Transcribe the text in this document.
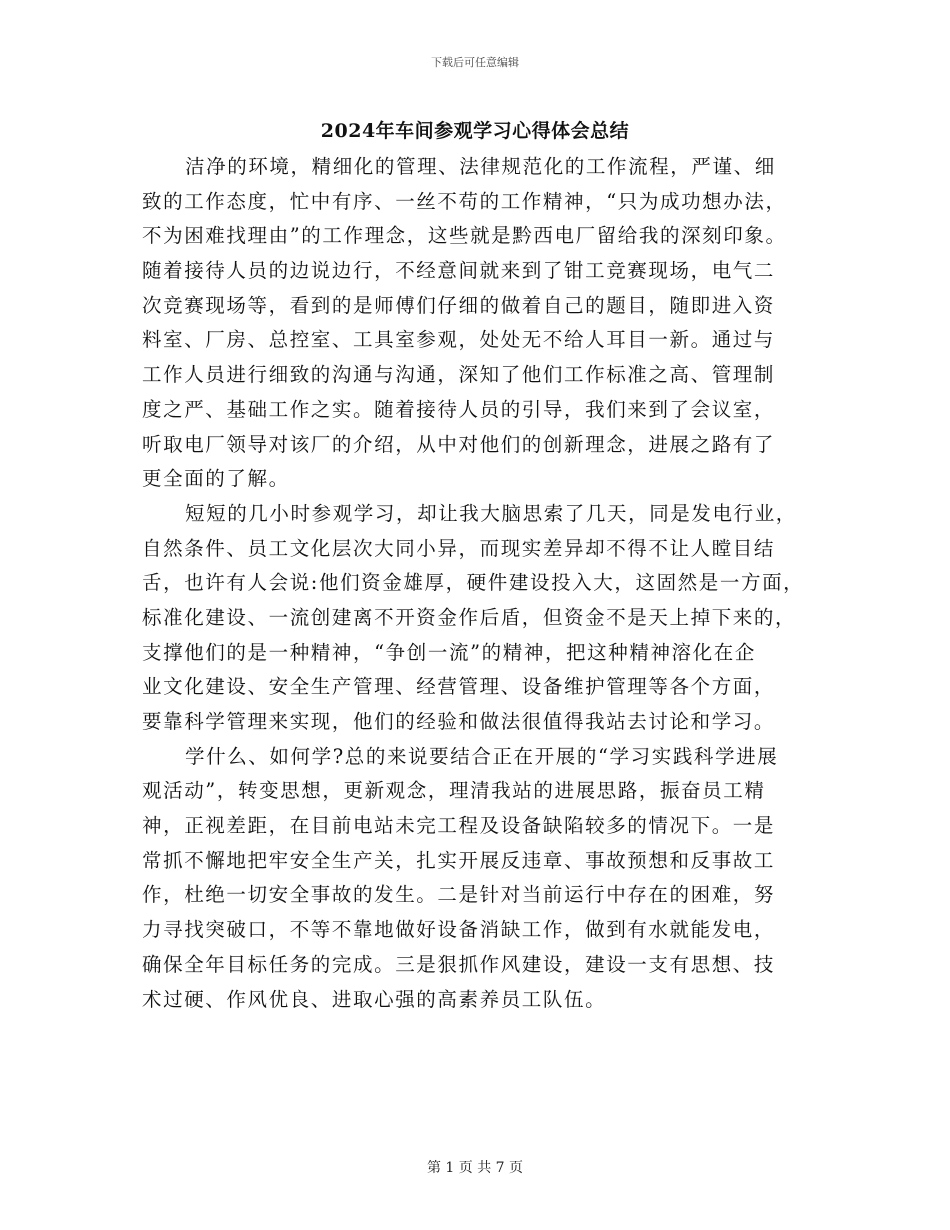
下载后可任意编辑
2024年车间参观学习心得体会总结
洁净的环境，精细化的管理、法律规范化的工作流程，严谨、细
致的工作态度，忙中有序、一丝不苟的工作精神，“只为成功想办法，
不为困难找理由”的工作理念，这些就是黔西电厂留给我的深刻印象。
随着接待人员的边说边行，不经意间就来到了钳工竞赛现场，电气二
次竞赛现场等，看到的是师傅们仔细的做着自己的题目，随即进入资
料室、厂房、总控室、工具室参观，处处无不给人耳目一新。通过与
工作人员进行细致的沟通与沟通，深知了他们工作标准之高、管理制
度之严、基础工作之实。随着接待人员的引导，我们来到了会议室，
听取电厂领导对该厂的介绍，从中对他们的创新理念，进展之路有了
更全面的了解。
短短的几小时参观学习，却让我大脑思索了几天，同是发电行业，
自然条件、员工文化层次大同小异，而现实差异却不得不让人瞠目结
舌，也许有人会说:他们资金雄厚，硬件建设投入大，这固然是一方面，
标准化建设、一流创建离不开资金作后盾，但资金不是天上掉下来的，
支撑他们的是一种精神，“争创一流”的精神，把这种精神溶化在企
业文化建设、安全生产管理、经营管理、设备维护管理等各个方面，
要靠科学管理来实现，他们的经验和做法很值得我站去讨论和学习。
学什么、如何学?总的来说要结合正在开展的“学习实践科学进展
观活动”，转变思想，更新观念，理清我站的进展思路，振奋员工精
神，正视差距，在目前电站未完工程及设备缺陷较多的情况下。一是
常抓不懈地把牢安全生产关，扎实开展反违章、事故预想和反事故工
作，杜绝一切安全事故的发生。二是针对当前运行中存在的困难，努
力寻找突破口，不等不靠地做好设备消缺工作，做到有水就能发电，
确保全年目标任务的完成。三是狠抓作风建设，建设一支有思想、技
术过硬、作风优良、进取心强的高素养员工队伍。
第 1 页 共 7 页
